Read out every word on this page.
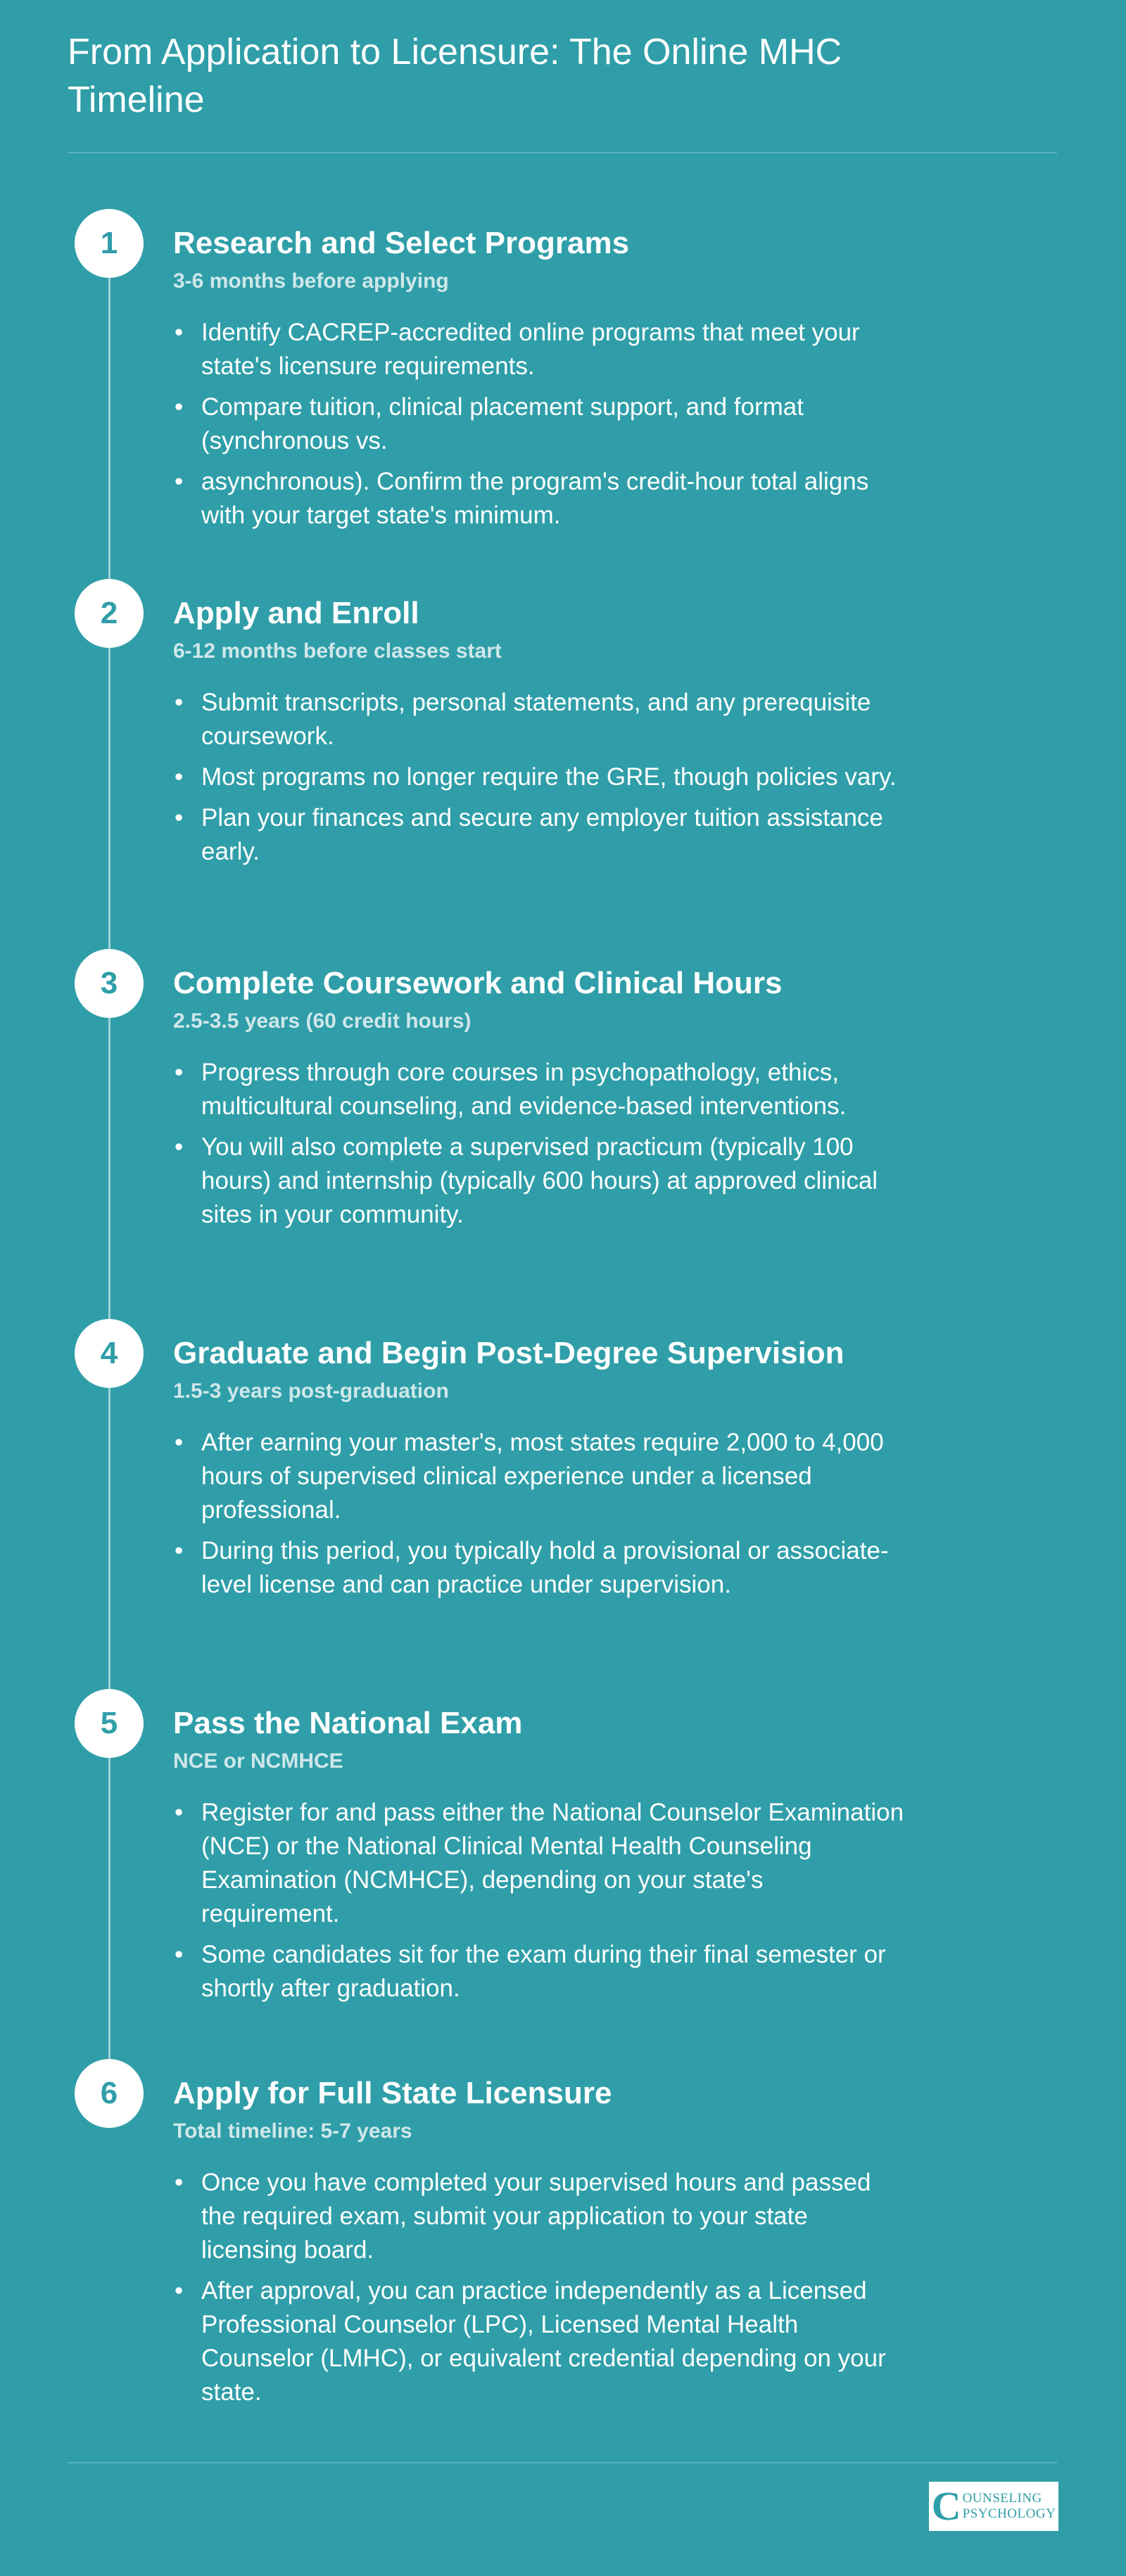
From Application to Licensure: The Online MHC Timeline
1	Research and Select Programs
3-6 months before applying
• Identify CACREP-accredited online programs that meet your state's licensure requirements.
• Compare tuition, clinical placement support, and format (synchronous vs.
• asynchronous). Confirm the program's credit-hour total aligns with your target state's minimum.
2	Apply and Enroll
6-12 months before classes start
• Submit transcripts, personal statements, and any prerequisite coursework.
• Most programs no longer require the GRE, though policies vary.
• Plan your finances and secure any employer tuition assistance early.
3	Complete Coursework and Clinical Hours
2.5-3.5 years (60 credit hours)
• Progress through core courses in psychopathology, ethics, multicultural counseling, and evidence-based interventions.
• You will also complete a supervised practicum (typically 100 hours) and internship (typically 600 hours) at approved clinical sites in your community.
4	Graduate and Begin Post-Degree Supervision
1.5-3 years post-graduation
• After earning your master's, most states require 2,000 to 4,000 hours of supervised clinical experience under a licensed professional.
• During this period, you typically hold a provisional or associate-level license and can practice under supervision.
5	Pass the National Exam
NCE or NCMHCE
• Register for and pass either the National Counselor Examination (NCE) or the National Clinical Mental Health Counseling Examination (NCMHCE), depending on your state's requirement.
• Some candidates sit for the exam during their final semester or shortly after graduation.
6	Apply for Full State Licensure
Total timeline: 5-7 years
• Once you have completed your supervised hours and passed the required exam, submit your application to your state licensing board.
• After approval, you can practice independently as a Licensed Professional Counselor (LPC), Licensed Mental Health Counselor (LMHC), or equivalent credential depending on your state.
C OUNSELING
PSYCHOLOGY
